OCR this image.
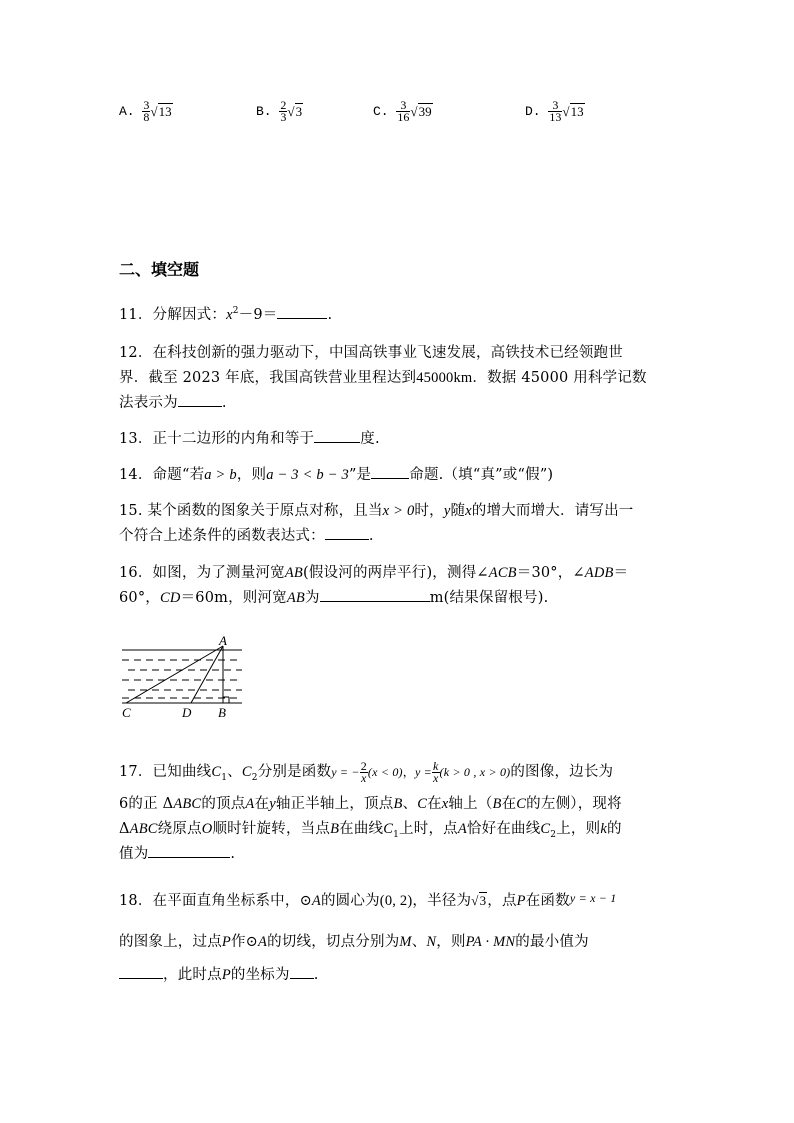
A. $\frac{3}{8} √13$	B. $\frac{2}{3} √3$	C. $\frac{3}{16} √39$	D. $\frac{3}{13} √13$
二、填空题
11．分解因式：$x^2-9=$	.
12．在科技创新的强力驱动下，中国高铁事业飞速发展，高铁技术已经领跑世
界．截至 2023 年底，我国高铁营业里程达到45000km．数据 45000 用科学记数
法表示为	.
13．正十二边形的内角和等于	度.
14．命题“若a > b，则a − 3 < b − 3”是	命题.（填“真”或“假”)
15. 某个函数的图象关于原点对称，且当x > 0时，y随x的增大而增大．请写出一
个符合上述条件的函数表达式：	.
16．如图，为了测量河宽AB(假设河的两岸平行)，测得∠ACB＝30°，∠ADB＝
60°，CD＝60m，则河宽AB为	m(结果保留根号).
A
B
C	D
17．已知曲线$C_1$、$C_2$分别是函数y = − $\frac{2}{x} (x < 0)$，$y = \frac{k}{x} (k > 0$ , x > 0)的图像，边长为
6的正 ΔABC的顶点A在y轴正半轴上，顶点B、C在x轴上（B在C的左侧），现将
ΔABC绕原点O顺时针旋转，当点B在曲线$C_1$上时，点A恰好在曲线$C_2$上，则k的
值为	.
18．在平面直角坐标系中，⊙A的圆心为(0, 2)，半径为√3，点P在函数$^{y = x - 1}$
的图象上，过点P作⊙A的切线，切点分别为M、N，则PA · MN的最小值为
，此时点P的坐标为 .
